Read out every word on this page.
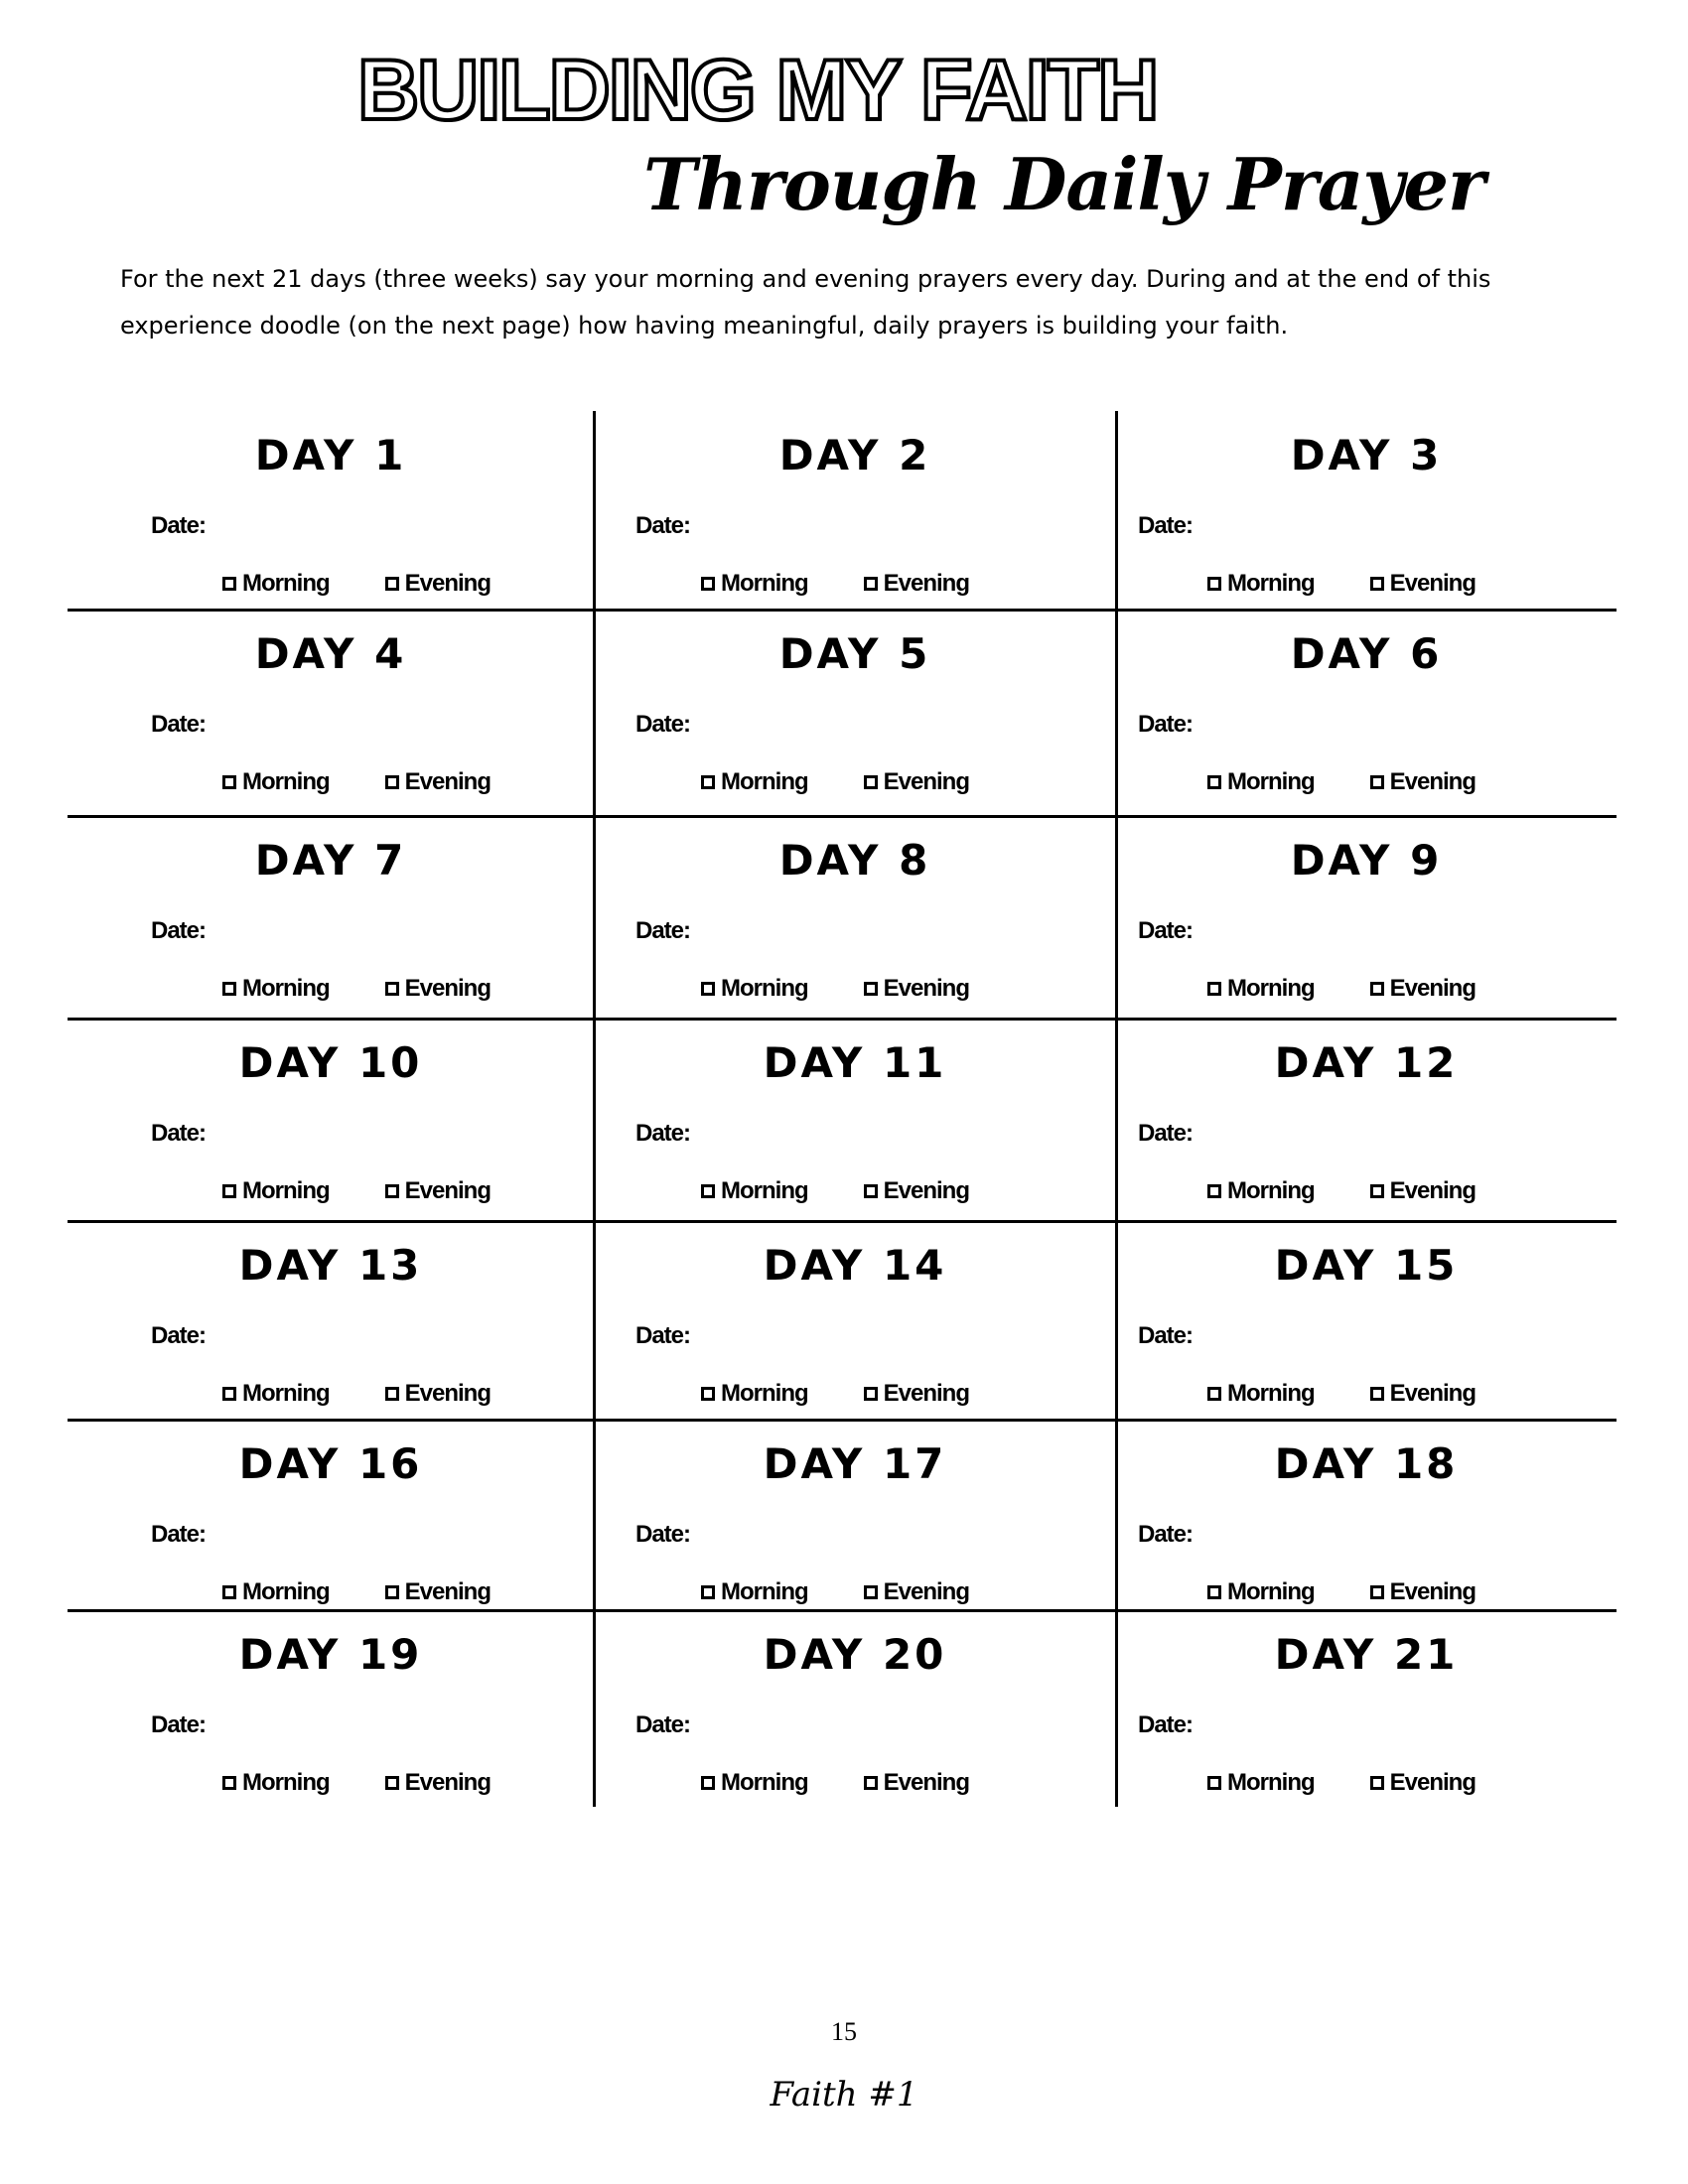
BUILDING MY FAITH
Through Daily Prayer

For the next 21 days (three weeks) say your morning and evening prayers every day. During and at the end of this experience doodle (on the next page) how having meaningful, daily prayers is building your faith.

DAY 1
Date:
Morning	Evening
DAY 2
Date:
Morning	Evening
DAY 3
Date:
Morning	Evening
DAY 4
Date:
Morning	Evening
DAY 5
Date:
Morning	Evening
DAY 6
Date:
Morning	Evening
DAY 7
Date:
Morning	Evening
DAY 8
Date:
Morning	Evening
DAY 9
Date:
Morning	Evening
DAY 10
Date:
Morning	Evening
DAY 11
Date:
Morning	Evening
DAY 12
Date:
Morning	Evening
DAY 13
Date:
Morning	Evening
DAY 14
Date:
Morning	Evening
DAY 15
Date:
Morning	Evening
DAY 16
Date:
Morning	Evening
DAY 17
Date:
Morning	Evening
DAY 18
Date:
Morning	Evening
DAY 19
Date:
Morning	Evening
DAY 20
Date:
Morning	Evening
DAY 21
Date:
Morning	Evening
15
Faith #1
